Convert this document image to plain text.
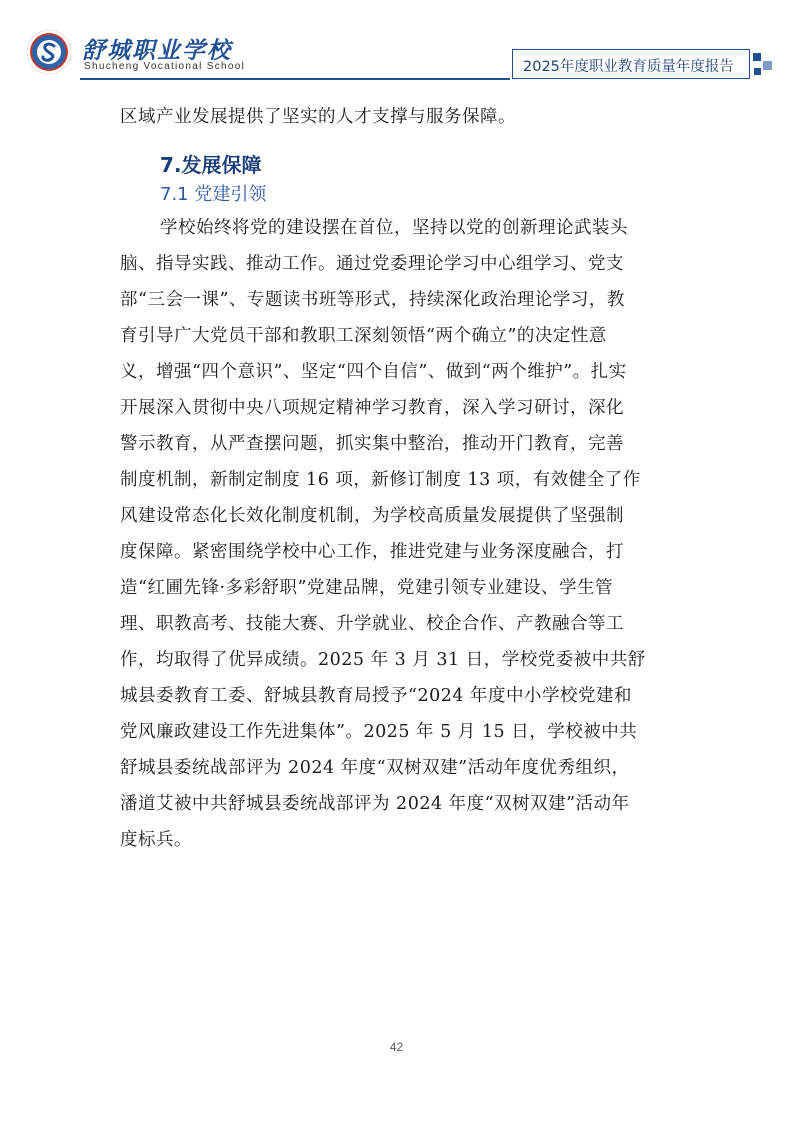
舒城职业学校
Shucheng Vocational School	2025年度职业教育质量年度报告
区域产业发展提供了坚实的人才支撑与服务保障。
7.发展保障
7.1 党建引领
学校始终将党的建设摆在首位，坚持以党的创新理论武装头
脑、指导实践、推动工作。通过党委理论学习中心组学习、党支
部“三会一课”、专题读书班等形式，持续深化政治理论学习，教
育引导广大党员干部和教职工深刻领悟“两个确立”的决定性意
义，增强“四个意识”、坚定“四个自信”、做到“两个维护”。扎实
开展深入贯彻中央八项规定精神学习教育，深入学习研讨，深化
警示教育，从严查摆问题，抓实集中整治，推动开门教育，完善
制度机制，新制定制度 16 项，新修订制度 13 项，有效健全了作
风建设常态化长效化制度机制，为学校高质量发展提供了坚强制
度保障。紧密围绕学校中心工作，推进党建与业务深度融合，打
造“红圃先锋·多彩舒职”党建品牌，党建引领专业建设、学生管
理、职教高考、技能大赛、升学就业、校企合作、产教融合等工
作，均取得了优异成绩。2025 年 3 月 31 日，学校党委被中共舒
城县委教育工委、舒城县教育局授予“2024 年度中小学校党建和
党风廉政建设工作先进集体”。2025 年 5 月 15 日，学校被中共
舒城县委统战部评为 2024 年度“双树双建”活动年度优秀组织，
潘道艾被中共舒城县委统战部评为 2024 年度“双树双建”活动年
度标兵。
42
